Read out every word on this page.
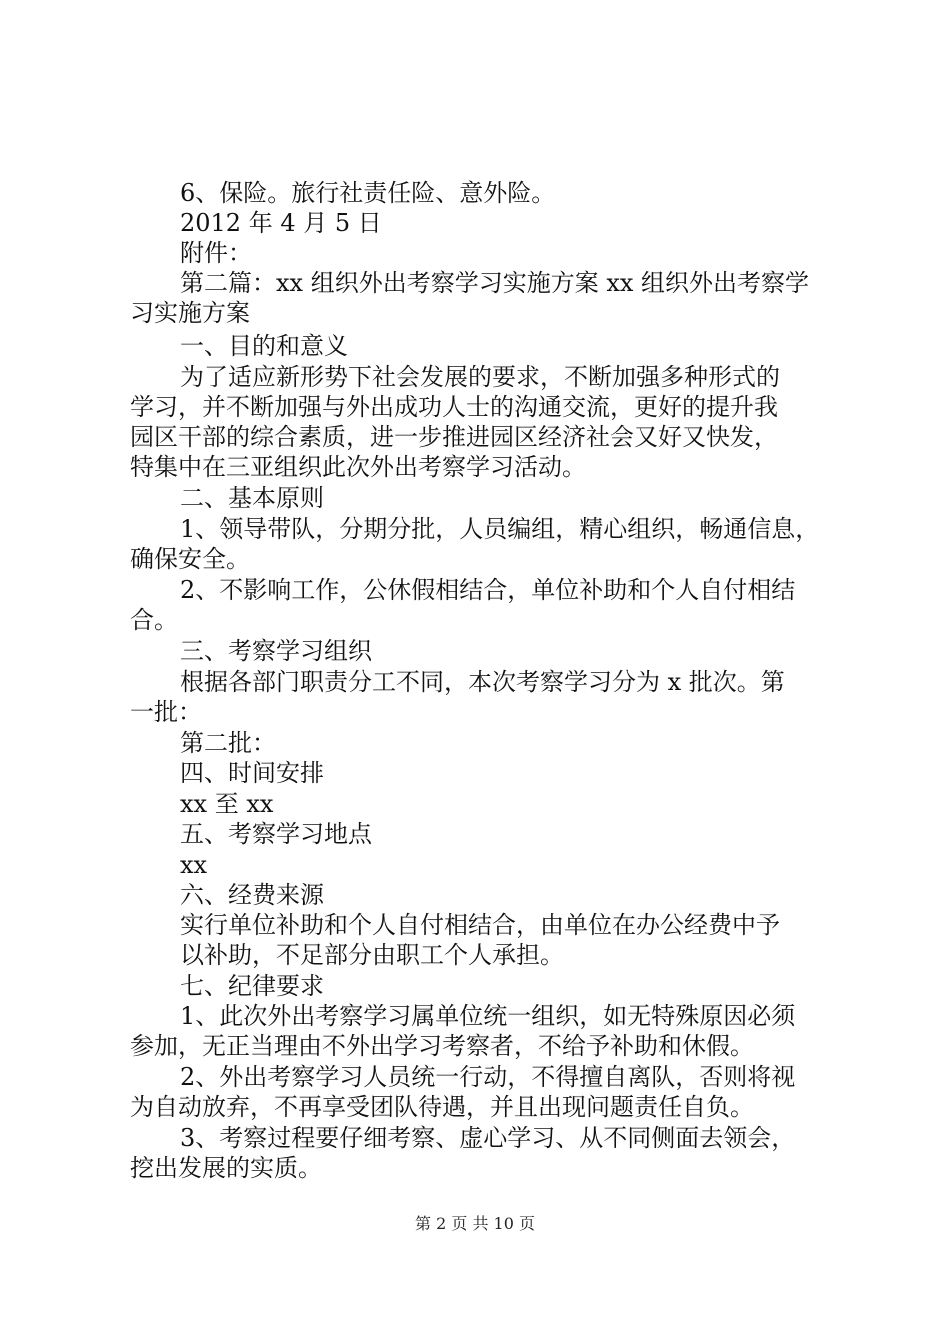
6、保险。旅行社责任险、意外险。
2012 年 4 月 5 日
附件：
第二篇：xx 组织外出考察学习实施方案 xx 组织外出考察学
习实施方案
一、目的和意义
为了适应新形势下社会发展的要求，不断加强多种形式的
学习，并不断加强与外出成功人士的沟通交流，更好的提升我
园区干部的综合素质，进一步推进园区经济社会又好又快发，
特集中在三亚组织此次外出考察学习活动。
二、基本原则
1、领导带队，分期分批，人员编组，精心组织，畅通信息，
确保安全。
2、不影响工作，公休假相结合，单位补助和个人自付相结
合。
三、考察学习组织
根据各部门职责分工不同，本次考察学习分为 x 批次。第
一批：
第二批：
四、时间安排
xx 至 xx
五、考察学习地点
xx
六、经费来源
实行单位补助和个人自付相结合，由单位在办公经费中予
以补助，不足部分由职工个人承担。
七、纪律要求
1、此次外出考察学习属单位统一组织，如无特殊原因必须
参加，无正当理由不外出学习考察者，不给予补助和休假。
2、外出考察学习人员统一行动，不得擅自离队，否则将视
为自动放弃，不再享受团队待遇，并且出现问题责任自负。
3、考察过程要仔细考察、虚心学习、从不同侧面去领会，
挖出发展的实质。
第 2 页 共 10 页
